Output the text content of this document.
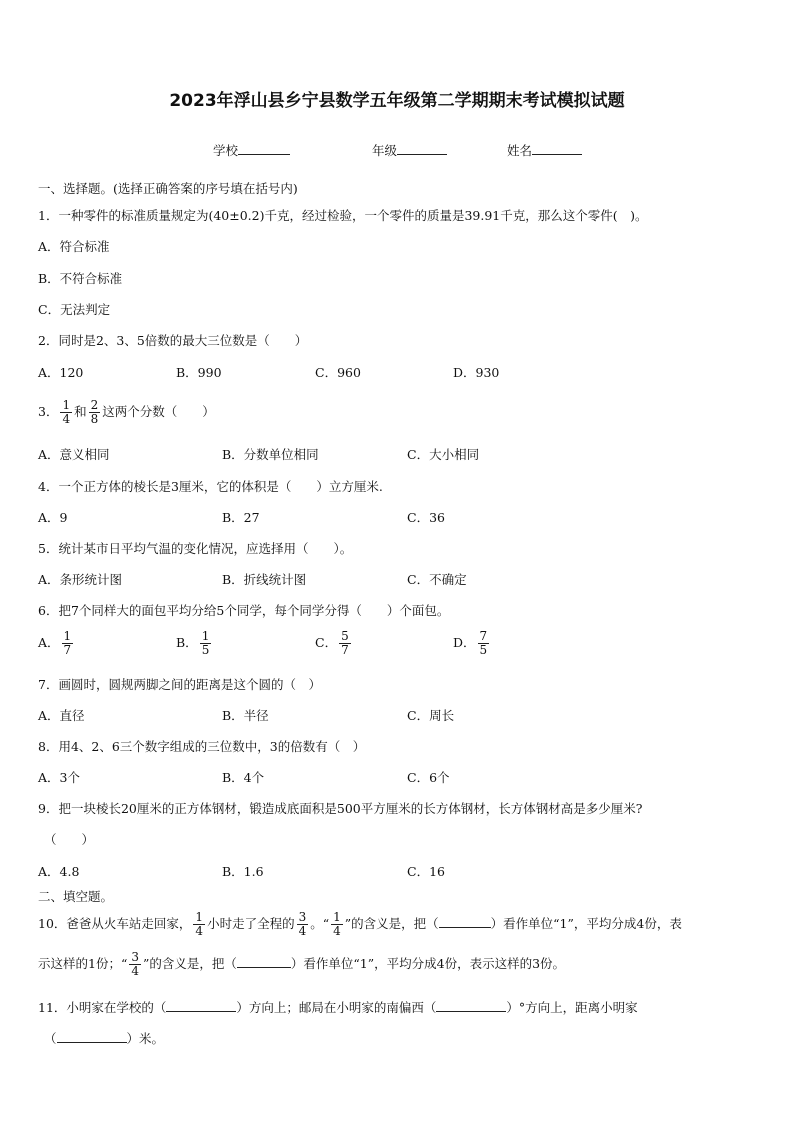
2023年浮山县乡宁县数学五年级第二学期期末考试模拟试题
学校	年级	姓名
一、选择题。(选择正确答案的序号填在括号内)
1．一种零件的标准质量规定为(40±0.2)千克，经过检验，一个零件的质量是39.91千克，那么这个零件(　)。
A．符合标准
B．不符合标准
C．无法判定
2．同时是2、3、5倍数的最大三位数是（　　）
A．120	B．990	C．960	D．930
3． $\frac{1}{4}$ 和 $\frac{2}{8}$ 这两个分数（　　）
A．意义相同	B．分数单位相同	C．大小相同
4．一个正方体的棱长是3厘米，它的体积是（　　）立方厘米.
A．9	B．27	C．36
5．统计某市日平均气温的变化情况，应选择用（　　）。
A．条形统计图	B．折线统计图	C．不确定
6．把7个同样大的面包平均分给5个同学，每个同学分得（　　）个面包。
A． $\frac{1}{7}$	B． $\frac{1}{5}$	C． $\frac{5}{7}$	D． $\frac{7}{5}$
7．画圆时，圆规两脚之间的距离是这个圆的（　）
A．直径	B．半径	C．周长
8．用4、2、6三个数字组成的三位数中，3的倍数有（　）
A．3个	B．4个	C．6个
9．把一块棱长20厘米的正方体钢材，锻造成底面积是500平方厘米的长方体钢材，长方体钢材高是多少厘米?
（　　）
A．4.8	B．1.6	C．16
二、填空题。
10．爸爸从火车站走回家， $\frac{1}{4}$ 小时走了全程的 $\frac{3}{4}$ 。“ $\frac{1}{4}$ ”的含义是，把（	）看作单位“1”，平均分成4份，表
示这样的1份；“ $\frac{3}{4}$ ”的含义是，把（	）看作单位“1”，平均分成4份，表示这样的3份。
11．小明家在学校的（	）方向上；邮局在小明家的南偏西（	）°方向上，距离小明家
（	）米。
